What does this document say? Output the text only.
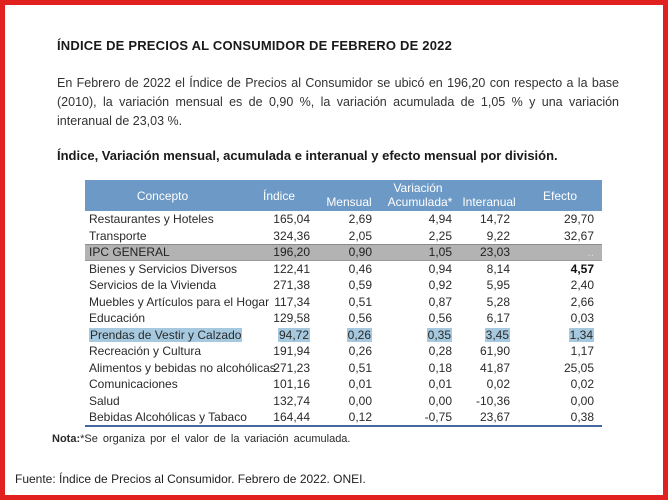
ÍNDICE DE PRECIOS AL CONSUMIDOR DE FEBRERO DE 2022

En Febrero de 2022 el Índice de Precios al Consumidor se ubicó en 196,20 con respecto a la base (2010), la variación mensual es de 0,90 %, la variación acumulada de 1,05 % y una variación interanual de 23,03 %.

Índice, Variación mensual, acumulada e interanual y efecto mensual por división.
Concepto	Índice	Variación			Efecto
		Mensual	Acumulada*	Interanual	
Restaurantes y Hoteles	165,04	2,69	4,94	14,72	29,70
Transporte	324,36	2,05	2,25	9,22	32,67
IPC GENERAL	196,20	0,90	1,05	23,03	..
Bienes y Servicios Diversos	122,41	0,46	0,94	8,14	4,57
Servicios de la Vivienda	271,38	0,59	0,92	5,95	2,40
Muebles y Artículos para el Hogar	117,34	0,51	0,87	5,28	2,66
Educación	129,58	0,56	0,56	6,17	0,03
Prendas de Vestir y Calzado	94,72	0,26	0,35	3,45	1,34
Recreación y Cultura	191,94	0,26	0,28	61,90	1,17
Alimentos y bebidas no alcohólicas	271,23	0,51	0,18	41,87	25,05
Comunicaciones	101,16	0,01	0,01	0,02	0,02
Salud	132,74	0,00	0,00	-10,36	0,00
Bebidas Alcohólicas y Tabaco	164,44	0,12	-0,75	23,67	0,38
Nota:*Se organiza por el valor de la variación acumulada.
Fuente: Índice de Precios al Consumidor. Febrero de 2022. ONEI.
